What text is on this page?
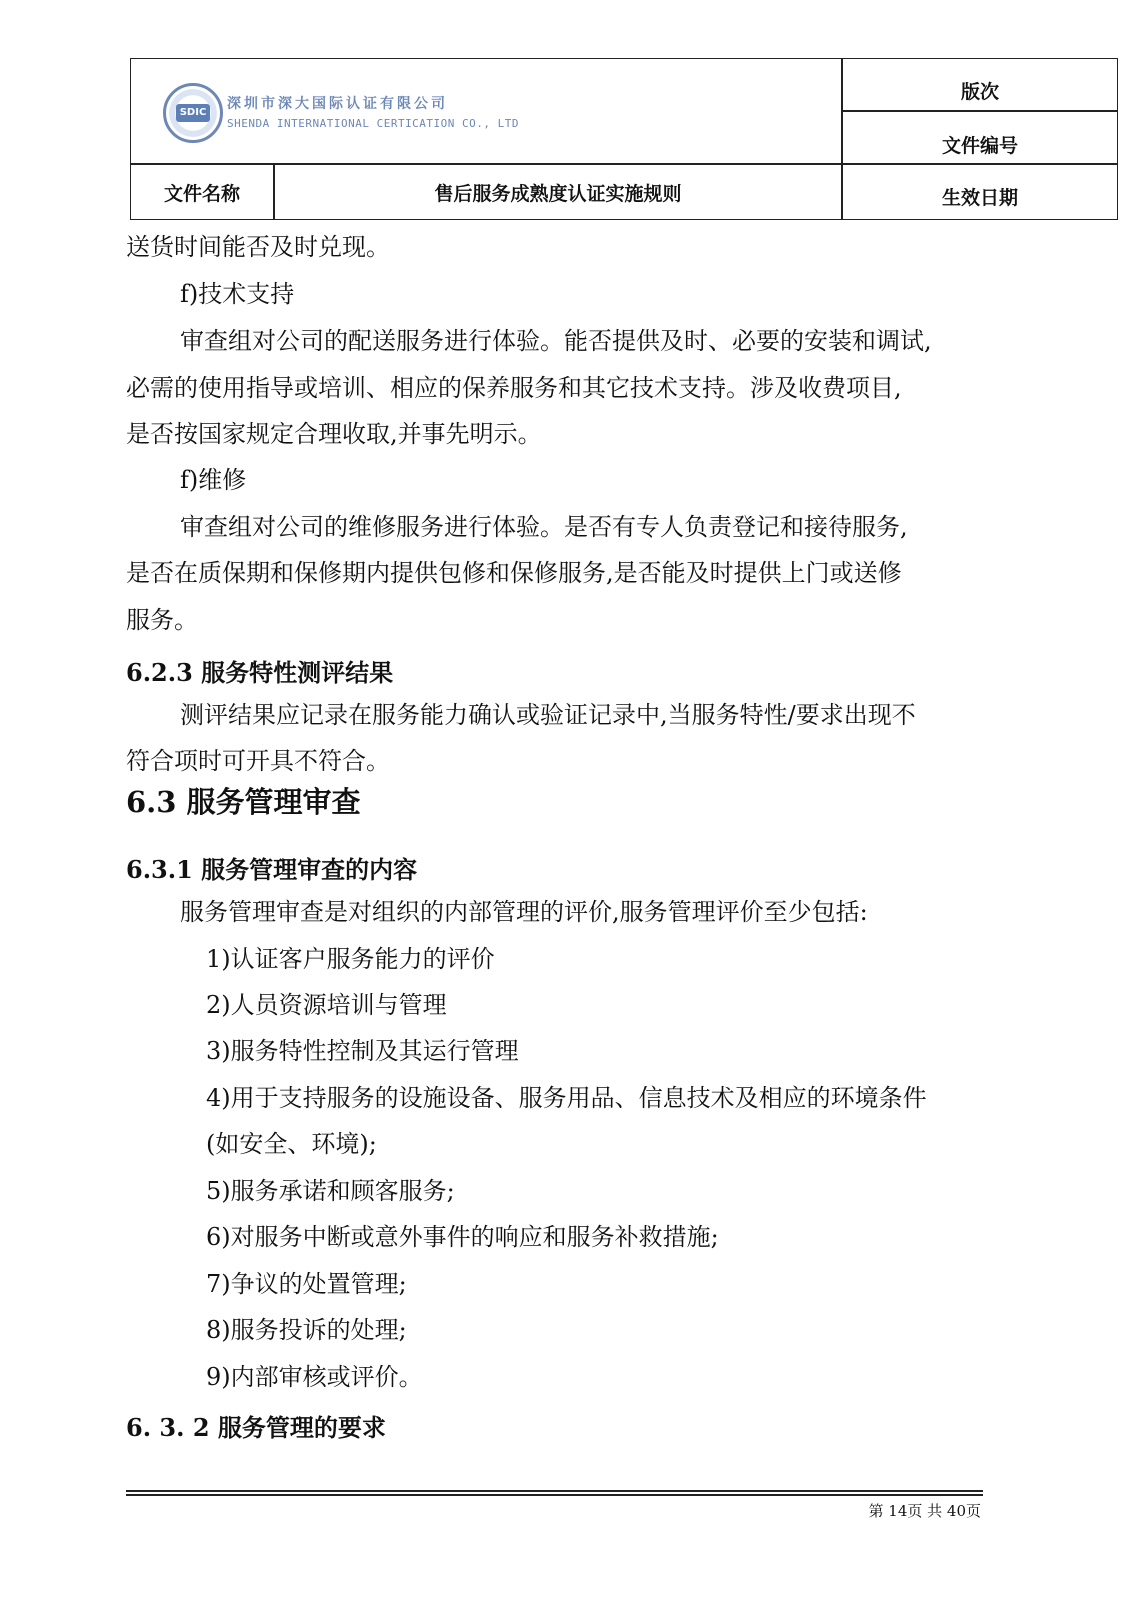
SDIC
深圳市深大国际认证有限公司
SHENDA INTERNATIONAL CERTICATION CO., LTD
版次
文件编号
文件名称	售后服务成熟度认证实施规则	生效日期
送货时间能否及时兑现。
f)技术支持
审查组对公司的配送服务进行体验。能否提供及时、必要的安装和调试,
必需的使用指导或培训、相应的保养服务和其它技术支持。涉及收费项目,
是否按国家规定合理收取,并事先明示。
f)维修
审查组对公司的维修服务进行体验。是否有专人负责登记和接待服务,
是否在质保期和保修期内提供包修和保修服务,是否能及时提供上门或送修
服务。
6.2.3 服务特性测评结果
测评结果应记录在服务能力确认或验证记录中,当服务特性/要求出现不
符合项时可开具不符合。
6.3 服务管理审查
6.3.1 服务管理审查的内容
服务管理审查是对组织的内部管理的评价,服务管理评价至少包括:
1)认证客户服务能力的评价
2)人员资源培训与管理
3)服务特性控制及其运行管理
4)用于支持服务的设施设备、服务用品、信息技术及相应的环境条件
(如安全、环境);
5)服务承诺和顾客服务;
6)对服务中断或意外事件的响应和服务补救措施;
7)争议的处置管理;
8)服务投诉的处理;
9)内部审核或评价。
6. 3. 2 服务管理的要求
第 14页 共 40页
